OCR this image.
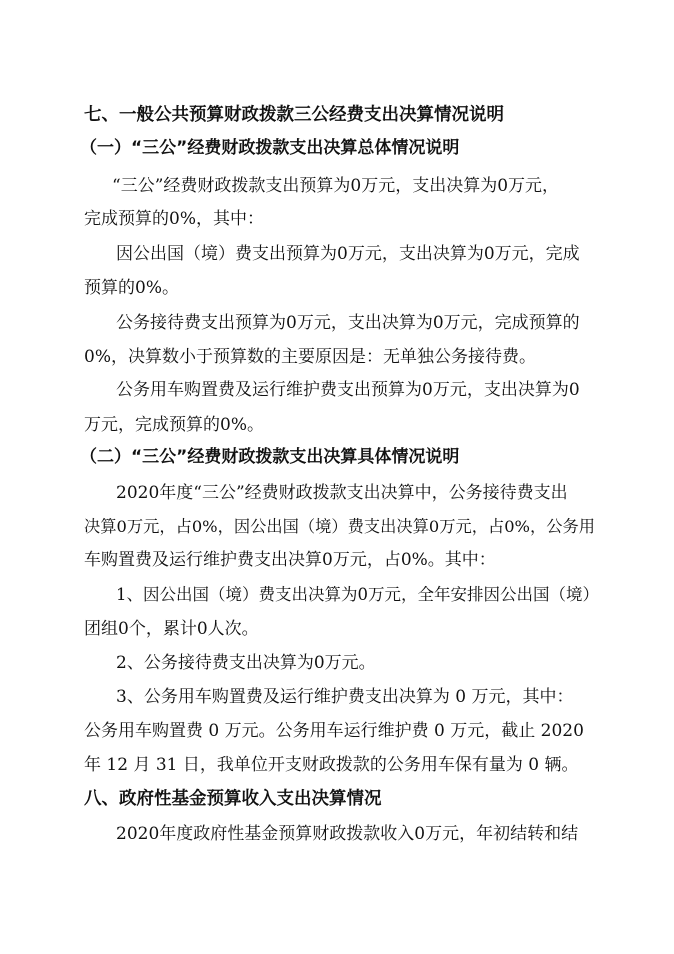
七、一般公共预算财政拨款三公经费支出决算情况说明
（一）“三公”经费财政拨款支出决算总体情况说明
“三公”经费财政拨款支出预算为0万元，支出决算为0万元，
完成预算的0%，其中：
因公出国（境）费支出预算为0万元，支出决算为0万元，完成
预算的0%。
公务接待费支出预算为0万元，支出决算为0万元，完成预算的
0%，决算数小于预算数的主要原因是：无单独公务接待费。
公务用车购置费及运行维护费支出预算为0万元，支出决算为0
万元，完成预算的0%。
（二）“三公”经费财政拨款支出决算具体情况说明
2020年度“三公”经费财政拨款支出决算中，公务接待费支出
决算0万元，占0%，因公出国（境）费支出决算0万元，占0%，公务用
车购置费及运行维护费支出决算0万元，占0%。其中：
1、因公出国（境）费支出决算为0万元，全年安排因公出国（境）
团组0个，累计0人次。
2、公务接待费支出决算为0万元。
3、公务用车购置费及运行维护费支出决算为 0 万元，其中：
公务用车购置费 0 万元。公务用车运行维护费 0 万元，截止 2020
年 12 月 31 日，我单位开支财政拨款的公务用车保有量为 0 辆。
八、政府性基金预算收入支出决算情况
2020年度政府性基金预算财政拨款收入0万元，年初结转和结
